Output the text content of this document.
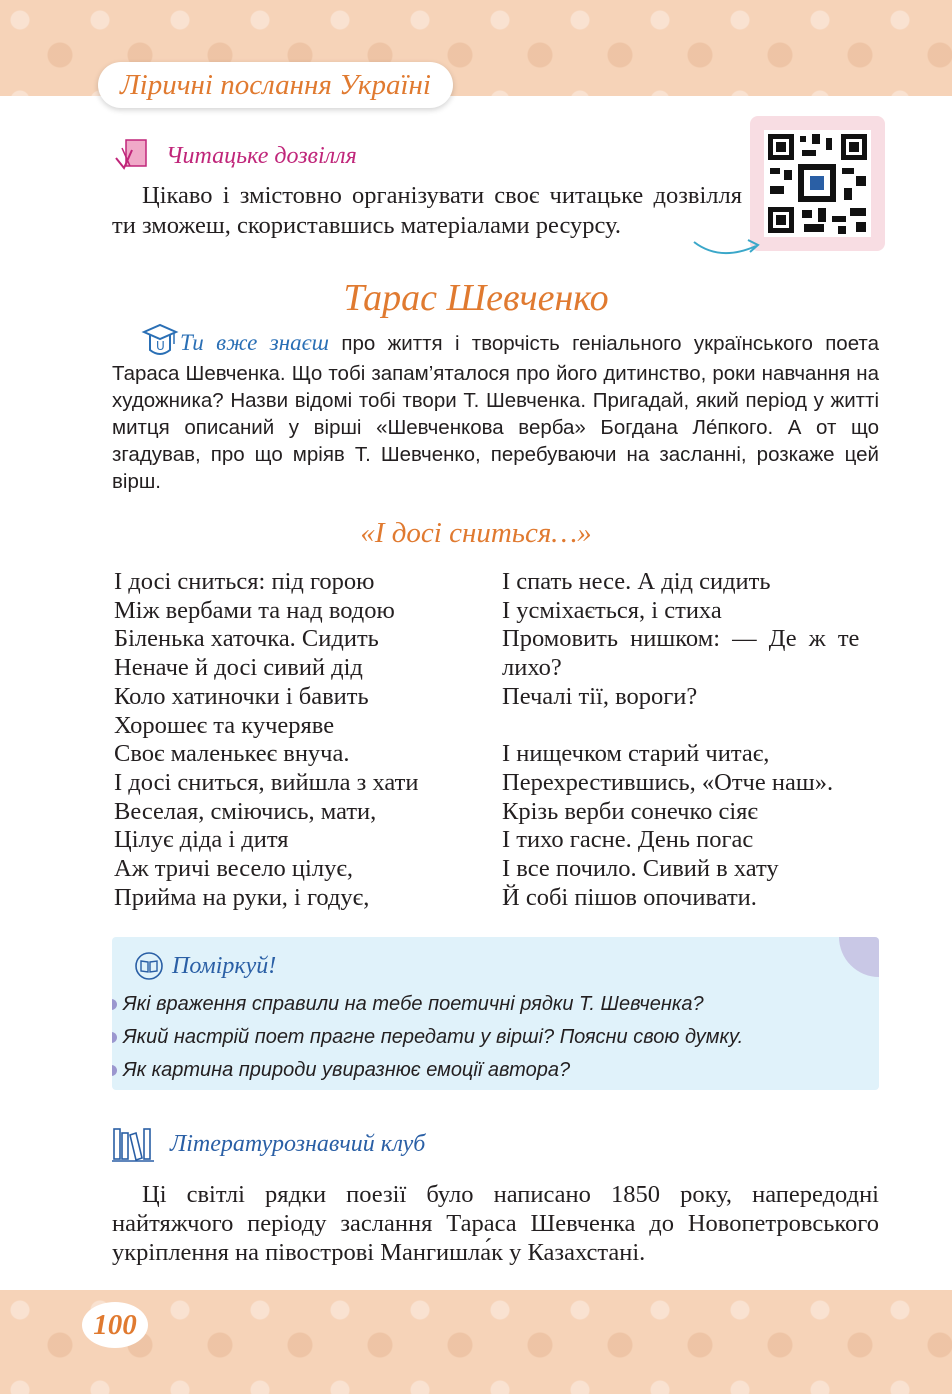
Ліричні послання Україні
Читацьке дозвілля

Цікаво і змістовно організувати своє читацьке дозвілля ти зможеш, скориставшись матеріалами ресурсу.

Тарас Шевченко
U Ти вже знаєш про життя і творчість геніального українського поета Тараса Шевченка. Що тобі запам’яталося про його дитинство, роки навчання на художника? Назви відомі тобі твори Т. Шевченка. Пригадай, який період у житті митця описаний у вірші «Шевченкова верба» Богдана Ле́пкого. А от що згадував, про що мріяв Т. Шевченко, перебуваючи на засланні, розкаже цей вірш.
«І досі сниться…»
І досі сниться: під горою
Між вербами та над водою
Біленька хаточка. Сидить
Неначе й досі сивий дід
Коло хатиночки і бавить
Хорошеє та кучеряве
Своє маленькеє внуча.
І досі сниться, вийшла з хати
Веселая, сміючись, мати,
Цілує діда і дитя
Аж тричі весело цілує,
Прийма на руки, і годує,
І спать несе. А дід сидить
І усміхається, і стиха
Промовить нишком: — Де ж те
лихо?
Печалі тії, вороги?
І нищечком старий читає,
Перехрестившись, «Отче наш».
Крізь верби сонечко сіяє
І тихо гасне. День погас
І все почило. Сивий в хату
Й собі пішов опочивати.
Поміркуй!
Які враження справили на тебе поетичні рядки Т. Шевченка?
Який настрій поет прагне передати у вірші? Поясни свою думку.
Як картина природи увиразнює емоції автора?
Літературознавчий клуб

Ці світлі рядки поезії було написано 1850 року, напередодні найтяжчого періоду заслання Тараса Шевченка до Новопетровського укріплення на півострові Мангишла́к у Казахстані.

100
